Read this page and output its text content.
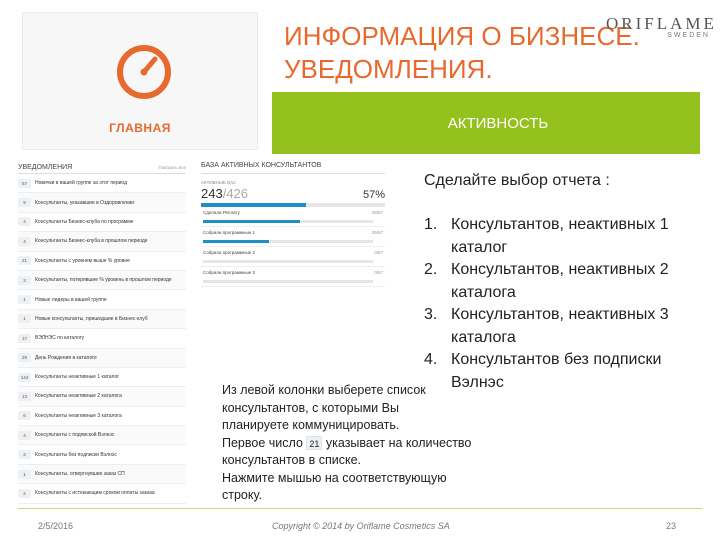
ГЛАВНАЯ
ИНФОРМАЦИЯ О БИЗНЕСЕ.
УВЕДОМЛЕНИЯ.
ORIFLAME
SWEDEN
АКТИВНОСТЬ
УВЕДОМЛЕНИЯ	Показать все
57	Новички в вашей группе за этот период
9	Консультанты, указавшие в Оздоровлении
4	Консультанты Бизнес-клуба по программе
4	Консультанты Бизнес-клуба в прошлом периоде
21	Консультанты с уровнем выше % уровне
3	Консультанты, потерявшие % уровень в прошлом периоде
1	Новые лидеры в вашей группе
1	Новые консультанты, пришедшие в Бизнес-клуб
17	ВЭЛНЭС по каталогу
29	День Рождения в каталоге
144	Консультанты неактивные 1 каталог
13	Консультанты неактивные 2 каталога
6	Консультанты неактивные 3 каталога
4	Консультанты с подпиской Вэлнэс
3	Консультанты без подписки Вэлнэс
1	Консультанты, отвергнувшие заказ СП
2	Консультанты с истекающим сроком оплаты заказа
БАЗА АКТИВНЫХ КОНСУЛЬТАНТОВ
АКТИВНЫЕ ВАС
243/426	57%
Сделали Реплату	38/67
Собрали программные 1	26/67
Собрали программные 2	0/67
Собрали программные 3	0/67
Сделайте выбор отчета :
1. Консультантов, неактивных 1
каталог
2. Консультантов, неактивных 2
каталога
3. Консультантов, неактивных 3
каталога
4. Консультантов без подписки
Вэлнэс
Из левой колонки выберете список
консультантов, с которыми Вы
планируете коммуницировать.
Первое число 21 указывает на количество
консультантов в списке.
Нажмите мышью на соответствующую
строку.
2/5/2016	Copyright © 2014 by Oriflame Cosmetics SA	23
